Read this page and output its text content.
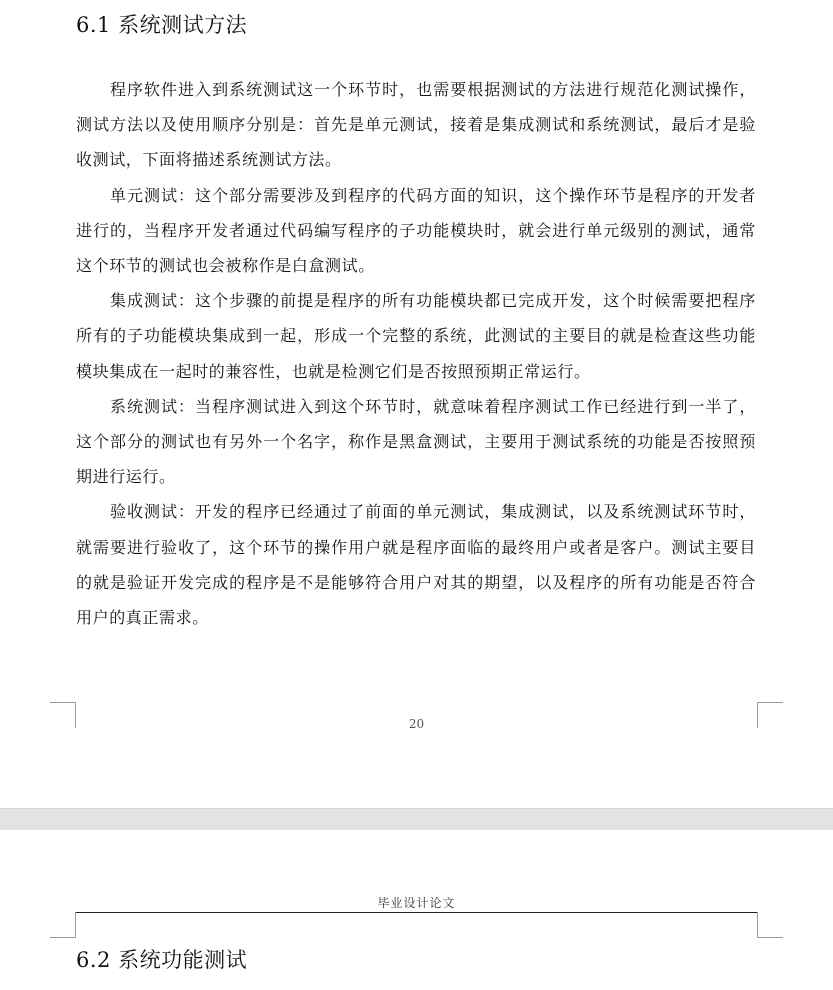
6.1 系统测试方法

程序软件进入到系统测试这一个环节时，也需要根据测试的方法进行规范化测试操作，测试方法以及使用顺序分别是：首先是单元测试，接着是集成测试和系统测试，最后才是验收测试，下面将描述系统测试方法。

单元测试：这个部分需要涉及到程序的代码方面的知识，这个操作环节是程序的开发者进行的，当程序开发者通过代码编写程序的子功能模块时，就会进行单元级别的测试，通常这个环节的测试也会被称作是白盒测试。

集成测试：这个步骤的前提是程序的所有功能模块都已完成开发，这个时候需要把程序所有的子功能模块集成到一起，形成一个完整的系统，此测试的主要目的就是检查这些功能模块集成在一起时的兼容性，也就是检测它们是否按照预期正常运行。

系统测试：当程序测试进入到这个环节时，就意味着程序测试工作已经进行到一半了，这个部分的测试也有另外一个名字，称作是黑盒测试，主要用于测试系统的功能是否按照预期进行运行。

验收测试：开发的程序已经通过了前面的单元测试，集成测试，以及系统测试环节时，就需要进行验收了，这个环节的操作用户就是程序面临的最终用户或者是客户。测试主要目的就是验证开发完成的程序是不是能够符合用户对其的期望，以及程序的所有功能是否符合用户的真正需求。

20
毕业设计论文
6.2 系统功能测试
